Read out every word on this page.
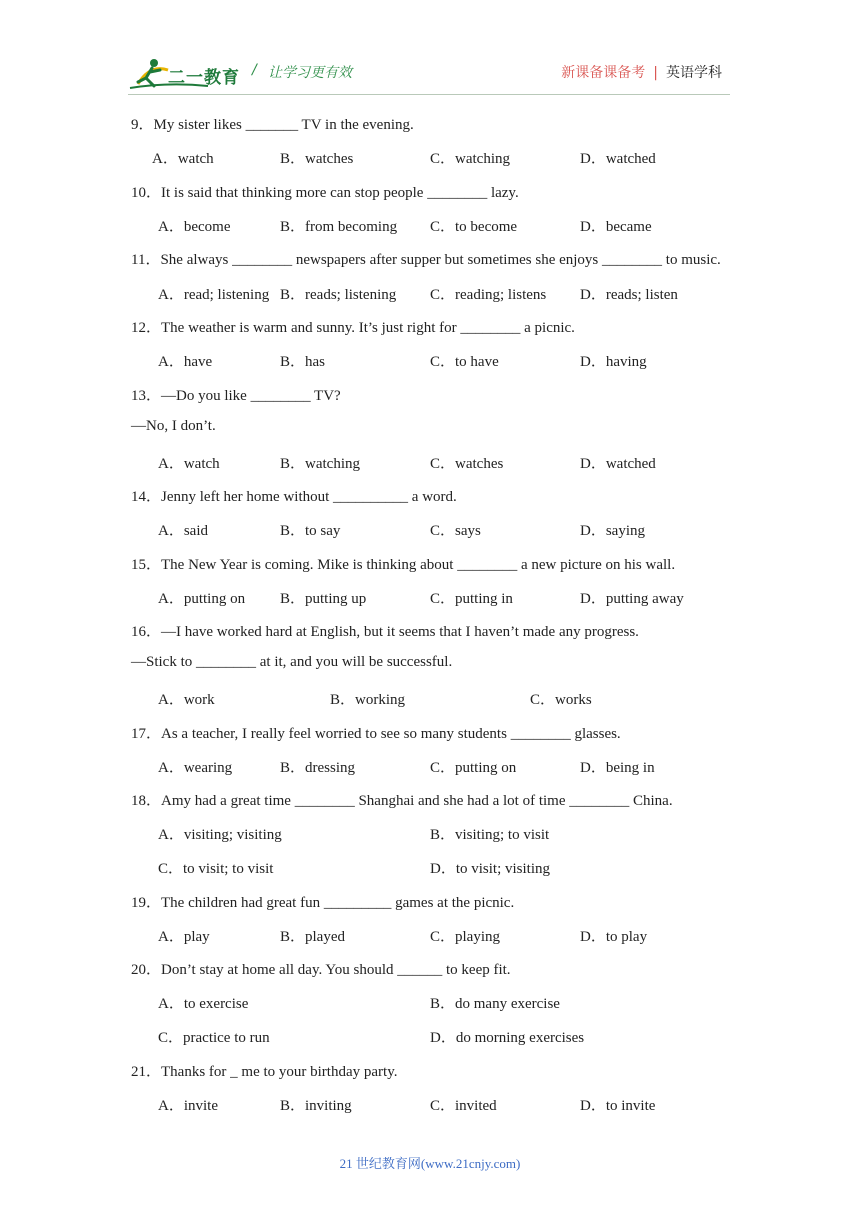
二一教育 / 让学习更有效	新课备课备考 | 英语学科
9．My sister likes _______ TV in the evening.
A．watch	B．watches	C．watching	D．watched
10．It is said that thinking more can stop people ________ lazy.
A．become	B．from becoming C．to become	D．became
11．She always ________ newspapers after supper but sometimes she enjoys ________ to music.
A．read; listening B．reads; listening C．reading; listens D．reads; listen
12．The weather is warm and sunny. It’s just right for ________ a picnic.
A．have	B．has	C．to have	D．having
13．—Do you like ________ TV?
—No, I don’t.
A．watch	B．watching	C．watches	D．watched
14．Jenny left her home without __________ a word.
A．said	B．to say	C．says	D．saying
15．The New Year is coming. Mike is thinking about ________ a new picture on his wall.
A．putting on B．putting up	C．putting in	D．putting away
16．—I have worked hard at English, but it seems that I haven’t made any progress.
—Stick to ________ at it, and you will be successful.
A．work	B．working	C．works
17．As a teacher, I really feel worried to see so many students ________ glasses.
A．wearing	B．dressing	C．putting on	D．being in
18．Amy had a great time ________ Shanghai and she had a lot of time ________ China.
A．visiting; visiting	B．visiting; to visit
C．to visit; to visit	D．to visit; visiting
19．The children had great fun _________ games at the picnic.
A．play	B．played	C．playing	D．to play
20．Don’t stay at home all day. You should ______ to keep fit.
A．to exercise	B．do many exercise
C．practice to run	D．do morning exercises
21．Thanks for _ me to your birthday party.
A．invite	B．inviting	C．invited	D．to invite
21 世纪教育网(www.21cnjy.com)
